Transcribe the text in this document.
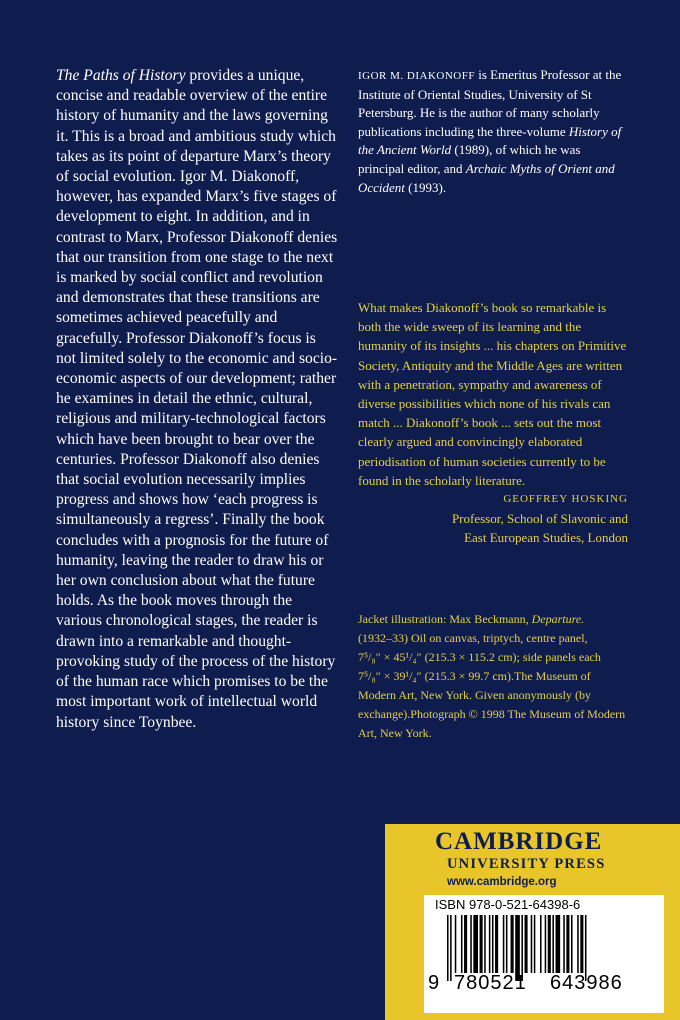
The Paths of History provides a unique, concise and readable overview of the entire history of humanity and the laws governing it. This is a broad and ambitious study which takes as its point of departure Marx’s theory of social evolution. Igor M. Diakonoff, however, has expanded Marx’s five stages of development to eight. In addition, and in contrast to Marx, Professor Diakonoff denies that our transition from one stage to the next is marked by social conflict and revolution and demonstrates that these transitions are sometimes achieved peacefully and gracefully. Professor Diakonoff’s focus is not limited solely to the economic and socio-economic aspects of our development; rather he examines in detail the ethnic, cultural, religious and military-technological factors which have been brought to bear over the centuries. Professor Diakonoff also denies that social evolution necessarily implies progress and shows how ‘each progress is simultaneously a regress’. Finally the book concludes with a prognosis for the future of humanity, leaving the reader to draw his or her own conclusion about what the future holds. As the book moves through the various chronological stages, the reader is drawn into a remarkable and thought-provoking study of the process of the history of the human race which promises to be the most important work of intellectual world history since Toynbee.

IGOR M. DIAKONOFF is Emeritus Professor at the Institute of Oriental Studies, University of St Petersburg. He is the author of many scholarly publications including the three-volume History of the Ancient World (1989), of which he was principal editor, and Archaic Myths of Orient and Occident (1993).

What makes Diakonoff’s book so remarkable is both the wide sweep of its learning and the humanity of its insights ... his chapters on Primitive Society, Antiquity and the Middle Ages are written with a penetration, sympathy and awareness of diverse possibilities which none of his rivals can match ... Diakonoff’s book ... sets out the most clearly argued and convincingly elaborated periodisation of human societies currently to be found in the scholarly literature.

GEOFFREY HOSKING
Professor, School of Slavonic and
East European Studies, London
Jacket illustration: Max Beckmann, Departure.
(1932–33) Oil on canvas, triptych, centre panel,
7⁵/₈″ × 45¹/₄″ (215.3 × 115.2 cm); side panels each
7⁵/₈″ × 39¹/₄″ (215.3 × 99.7 cm).The Museum of
Modern Art, New York. Given anonymously (by exchange).Photograph © 1998 The Museum of Modern Art, New York.
CAMBRIDGE
UNIVERSITY PRESS
www.cambridge.org
ISBN 978-0-521-64398-6
9 780521 643986
